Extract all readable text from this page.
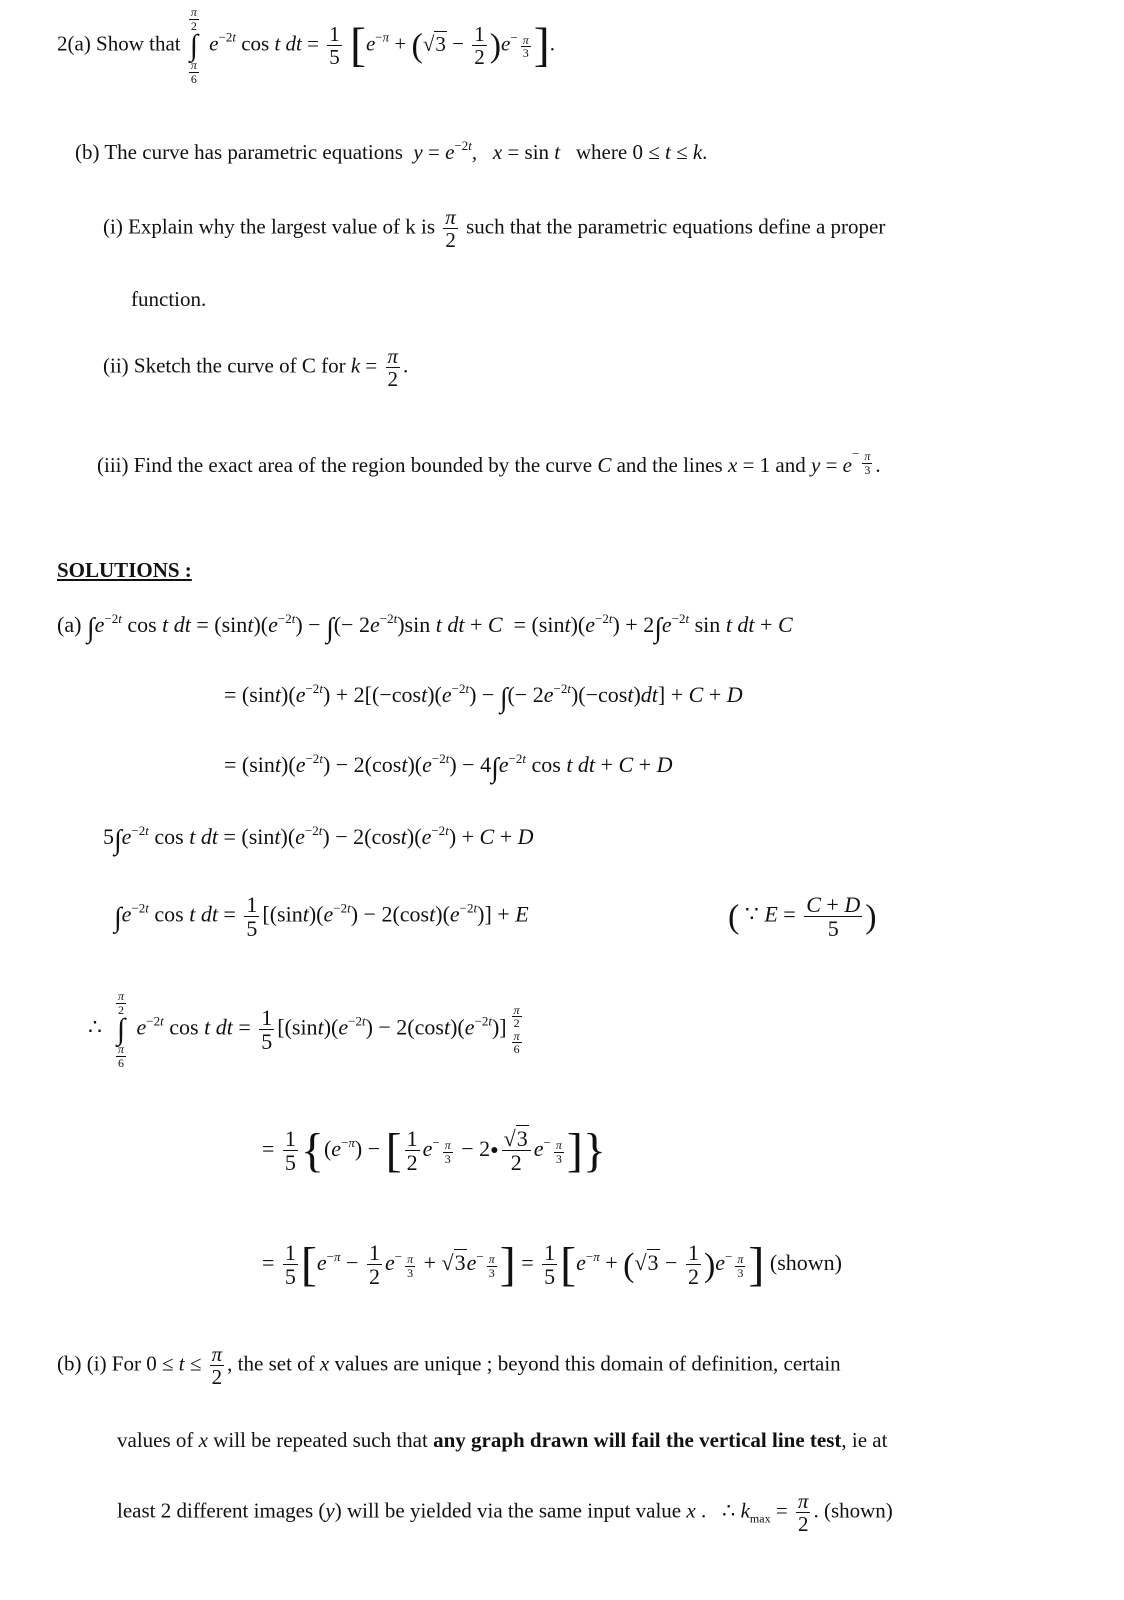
2(a) Show that
$\frac{\pi}{2}$
∫
$\frac{\pi}{6}$
$e^{-2t}$ cos t dt = $\frac{1}{5} [e^{-\pi} + (√3 - \frac{1}{2} )e^{- \frac{\pi}{3}}$ ].
(b) The curve has parametric equations $y = e^{-2t}$,   x = sin t   where 0 ≤ t ≤ k.
(i) Explain why the largest value of k is $\frac{\pi}{2}$ such that the parametric equations define a proper
function.
(ii) Sketch the curve of C for $k = \frac{\pi}{2}$ .
(iii) Find the exact area of the region bounded by the curve C and the lines x = 1 and $y = e^{- \frac{\pi}{3}}$ .
SOLUTIONS :
(a) $\int e^{-2t}$ cos t dt = $(\sin t)(e^{-2t})$ − ∫(− $2e^{-2t})\sin$ t dt + $C = (\sin t)(e^{-2t}) + 2\int e^{-2t}$ sin t dt + C
= $(\sin t)(e^{-2t}) + 2[(-\cos t)(e^{-2t})$ − ∫(− $2e^{-2t})(-\cos t)dt] + C + D$
= $(\sin t)(e^{-2t}) - 2(\cos t)(e^{-2t}) - 4\int e^{-2t}$ cos t dt + C + D
$5\int e^{-2t}$ cos t dt = $(\sin t)(e^{-2t}) - 2(\cos t)(e^{-2t}) + C + D$
$\int e^{-2t}$ cos t dt = $\frac{1}{5} [(\sin t)(e^{-2t}) - 2(\cos t)(e^{-2t})] + E$	( ∵ $E = \frac{C + D}{5}$ )
∴
$\frac{\pi}{2}$
∫
$\frac{\pi}{6}$
$e^{-2t}$ cos t dt = $\frac{1}{5} [(\sin t)(e^{-2t}) - 2(\cos t)(e^{-2t})] \frac{\pi}{2}$
$\frac{\pi}{6}$
= $\frac{1}{5} \{(e^{-\pi})$ − [ $\frac{1}{2} e^{- \frac{\pi}{3}}$ − 2● $\frac{√3}{2} e^{- \frac{\pi}{3}}$ ]}
= $\frac{1}{5} [e^{-\pi} - \frac{1}{2} e^{- \frac{\pi}{3}} + √3e^{- \frac{\pi}{3}}$ ] = $\frac{1}{5} [e^{-\pi} + (√3 - \frac{1}{2} )e^{- \frac{\pi}{3}}$ ] (shown)
(b) (i) For $0 \le t \le \frac{\pi}{2}$ , the set of x values are unique ; beyond this domain of definition, certain
values of x will be repeated such that any graph drawn will fail the vertical line test, ie at
least 2 different images (y) will be yielded via the same input value x .   ∴ $k_{max} = \frac{\pi}{2}$ . (shown)
